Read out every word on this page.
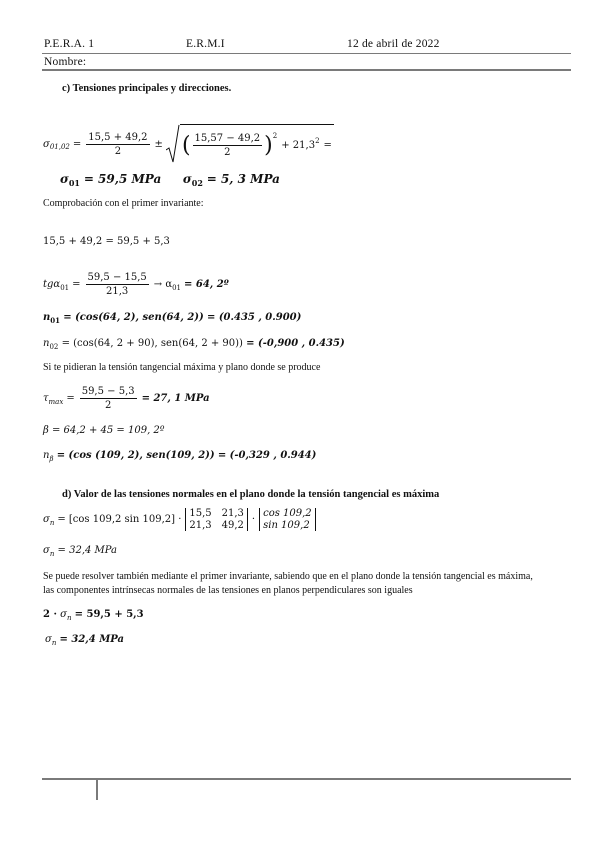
P.E.R.A. 1	E.R.M.I	12 de abril de 2022
Nombre:
c) Tensiones principales y direcciones.
σ $01,02 = \frac{15,5 + 49,2}{2}$ ± ( $\frac{15,57 - 49,2}{2}$ ) 2
+ 21,3 2 =
$\sigma_{01} = 59,5$ MPa $\sigma_{02} = 5$, 3 MPa
Comprobación con el primer invariante:
15,5 + 49,2 = 59,5 + 5,3
tgα $01 = \frac{59,5 - 15,5}{21,3} \to \alpha$ 01 = 64, 2º
$n_{01} = (\cos(64$, 2), sen(64, 2)) = (0.435 , 0.900)
$n_{02} = (\cos(64$, 2 + 90), sen(64, 2 + 90)) = (-0,900 , 0.435)
Si te pidieran la tensión tangencial máxima y plano donde se produce
τ $\max = \frac{59,5 - 5,3}{2} = 27$, 1 MPa
β = 64,2 + 45 = 109, 2º
$n_\beta = (\cos$ (109, 2), sen(109, 2)) = (-0,329 , 0.944)
d) Valor de las tensiones normales en el plano donde la tensión tangencial es máxima
σ n = [cos 109,2 sin 109,2] ·
15,5 21,3
21,3 49,2
·
cos 109,2
sin 109,2
$\sigma_n = 32,4$ MPa

Se puede resolver también mediante el primer invariante, sabiendo que en el plano donde la tensión tangencial es máxima, las componentes intrínsecas normales de las tensiones en planos perpendiculares son iguales

$2 \cdot \sigma_n = 59,5 + 5,3$
$\sigma_n = 32,4$ MPa
